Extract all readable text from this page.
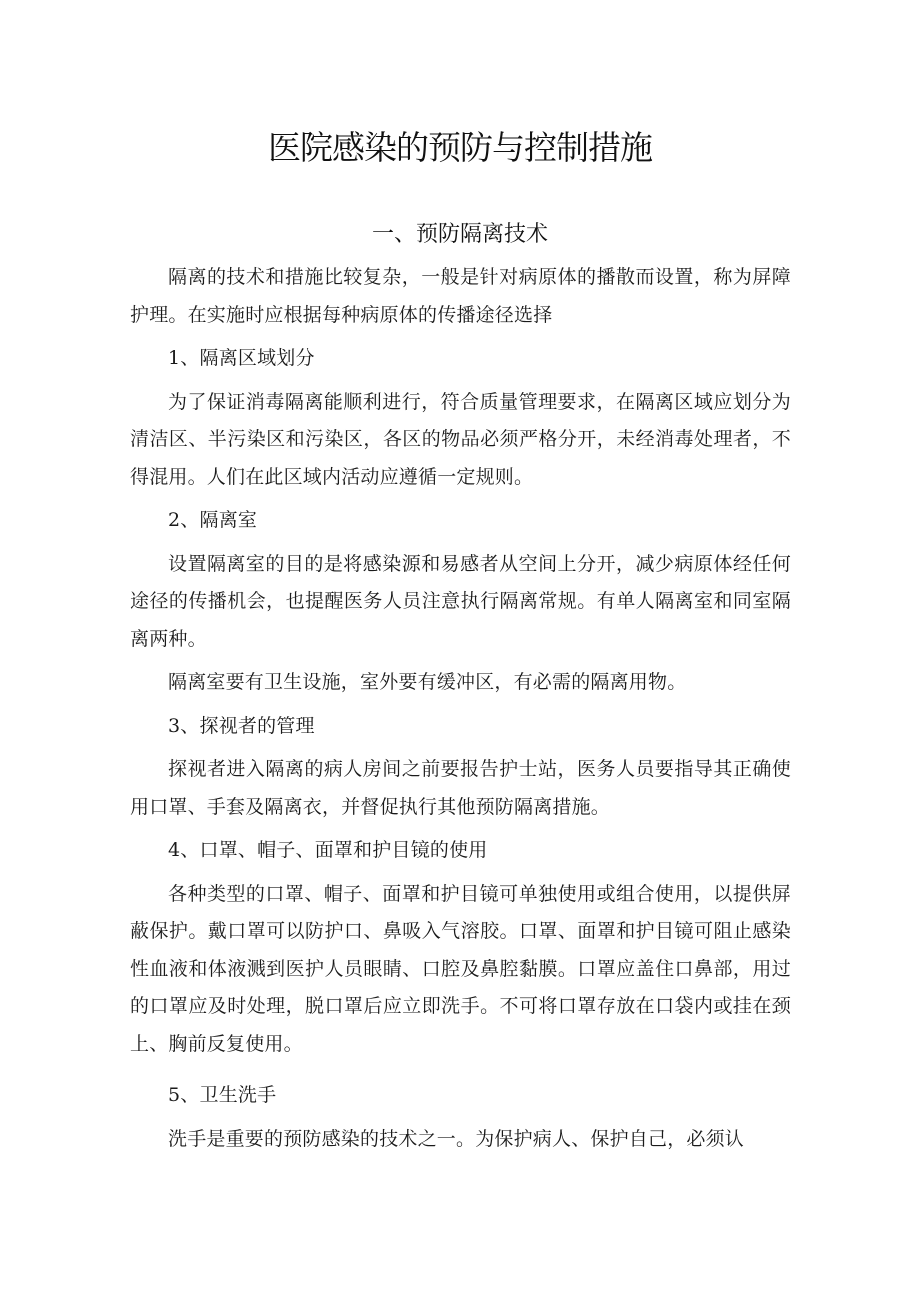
医院感染的预防与控制措施
一、预防隔离技术

隔离的技术和措施比较复杂，一般是针对病原体的播散而设置，称为屏障护理。在实施时应根据每种病原体的传播途径选择

1、隔离区域划分

为了保证消毒隔离能顺利进行，符合质量管理要求，在隔离区域应划分为清洁区、半污染区和污染区，各区的物品必须严格分开，未经消毒处理者，不得混用。人们在此区域内活动应遵循一定规则。

2、隔离室

设置隔离室的目的是将感染源和易感者从空间上分开，减少病原体经任何途径的传播机会，也提醒医务人员注意执行隔离常规。有单人隔离室和同室隔离两种。

隔离室要有卫生设施，室外要有缓冲区，有必需的隔离用物。

3、探视者的管理

探视者进入隔离的病人房间之前要报告护士站，医务人员要指导其正确使用口罩、手套及隔离衣，并督促执行其他预防隔离措施。

4、口罩、帽子、面罩和护目镜的使用

各种类型的口罩、帽子、面罩和护目镜可单独使用或组合使用，以提供屏蔽保护。戴口罩可以防护口、鼻吸入气溶胶。口罩、面罩和护目镜可阻止感染性血液和体液溅到医护人员眼睛、口腔及鼻腔黏膜。口罩应盖住口鼻部，用过的口罩应及时处理，脱口罩后应立即洗手。不可将口罩存放在口袋内或挂在颈上、胸前反复使用。

5、卫生洗手

洗手是重要的预防感染的技术之一。为保护病人、保护自己，必须认
